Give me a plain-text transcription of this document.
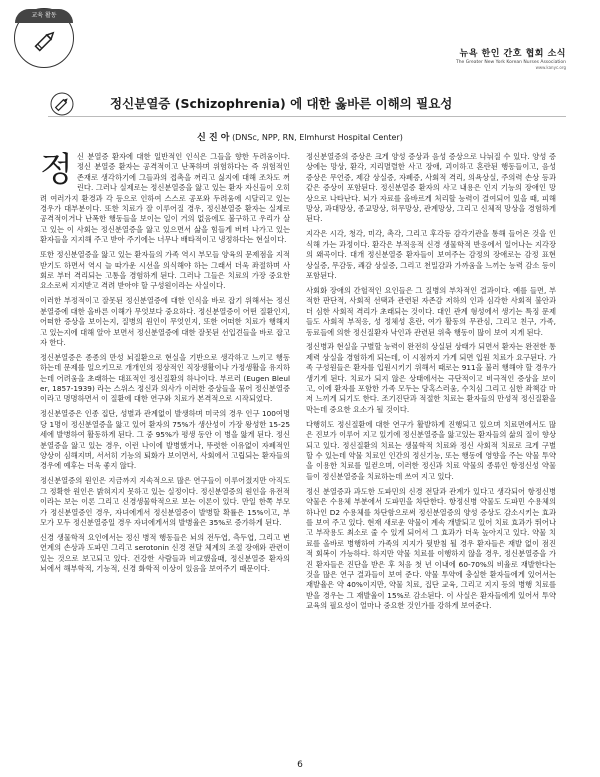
교육 활동
뉴욕 한인 간호 협회 소식
The Greater New York Korean Nurses Association
www.kanyc.org
정신분열증 (Schizophrenia) 에 대한 옳바른 이해의 필요성
신 진 아 (DNSc, NPP, RN, Elmhurst Hospital Center)

정신 분열증 환자에 대한 일반적인 인식은 그들을 향한 두려움이다. 정신 분열증 환자는 공격적이고 난폭하며 위험하다는 즉 위험적인 존재로 생각하기에 그들과의 접촉을 꺼리고 싫지에 대해 조차도 꺼린다. 그러나 실제로는 정신분열증을 앓고 있는 환자 자신들이 오히려 여러가지 환경과 각 등으로 인하여 스스로 공포와 두려움에 시달리고 있는 경우가 대부분이다. 또한 치료가 잘 이루어질 경우, 정신분열증 환자는 실제로 공격적이거나 난폭한 행동들을 보이는 일이 거의 없음에도 불구하고 우리가 살고 있는 이 사회는 정신분열증을 앓고 있으면서 삶을 힘들게 버텨 나가고 있는 환자들을 지지해 주고 받아 주기에는 너무나 배타적이고 냉정하다는 현실이다.

또한 정신분열증을 앓고 있는 환자들의 가족 역시 부모들 양육의 문제점을 지적 받기도 하면서 역시 늘 따가운 시선을 의식해야 하는 그래서 더욱 좌절하며 사회로 부터 격리되는 고통을 경험하게 된다. 그러나 그들은 치료의 가장 중요한 요소로써 지지받고 격려 받아야 할 구성원이라는 사실이다.

이러한 부정적이고 잘못된 정신분열증에 대한 인식을 바로 잡기 위해서는 정신분열증에 대한 올바른 이해가 무엇보다 중요하다. 정신분열증이 어떤 질환인지, 어떠한 증상을 보이는지, 질병의 원인이 무엇인지, 또한 어떠한 치료가 행해지고 있는지에 대해 알아 보면서 정신분열증에 대한 잘못된 선입견들을 바로 잡고자 한다.

정신분열증은 종종의 만성 뇌질환으로 현실을 기반으로 생각하고 느끼고 행동하는데 문제를 일으키므로 개개인의 정상적인 직장생활이나 가정생활을 유지하는데 어려움을 초래하는 대표적인 정신질환의 하나이다. 부르러 (Eugen Bleuler, 1857-1939) 라는 스위스 정신과 의사가 이러한 증상들을 묶어 정신분열증이라고 명명하면서 이 질환에 대한 연구와 치료가 본격적으로 시작되었다.

정신분열증은 인종 집단, 성별과 관계없이 발생하며 미국의 경우 인구 100여명당 1명이 정신분열증을 앓고 있어 환자의 75%가 생산성이 가장 왕성한 15-25세에 발병하여 활동하게 된다. 그 중 95%가 평생 동안 이 병을 앓게 된다. 정신분열증을 앓고 있는 경우, 이런 나이에 발병했거나, 뚜렷한 이유없이 자폐적인 양상이 심해지며, 서서히 기능의 퇴화가 보이면서, 사회에서 고립되는 환자들의 경우에 예후는 더욱 좋지 않다.

정신분열증의 원인은 지금까지 지속적으로 많은 연구들이 이루어졌지만 아직도 그 정확한 원인은 밝혀지지 못하고 있는 실정이다. 정신분열증의 원인을 유전적이라는 보는 이론 그리고 신경생물학적으로 보는 이론이 있다. 만일 한쪽 부모가 정신분열증인 경우, 자녀에게서 정신분열증이 발병할 확률은 15%이고, 부모가 모두 정신분열증일 경우 자녀에게서의 발병율은 35%로 증가하게 된다.

신경 생물학적 요인에서는 정신 병적 행동들은 뇌의 전두엽, 측두엽, 그리고 변연계의 손상과 도파민 그리고 serotonin 신경 전달 체계의 조절 장애와 관련이 있는 것으로 보고되고 있다. 건강한 사람들과 비교했을때, 정신분열증 환자의 뇌에서 해부학적, 기능적, 신경 화학적 이상이 있음을 보여주기 때문이다.

정신분열증의 증상은 크게 양성 증상과 음성 증상으로 나눠질 수 있다. 양성 증상에는 망상, 환각, 지리멸렬한 사고 장애, 괴이하고 혼란된 행동들이고, 음성 증상은 무언증, 제감 상실증, 자폐증, 사회적 격리, 의욕상실, 주의력 손상 등과 같은 증상이 포함된다. 정신분열증 환자의 사고 내용은 인지 기능의 장애인 망상으로 나타난다. 뇌가 자료를 올바르게 처리할 능력이 결여되어 있을 때, 피해망상, 과대망상, 종교망상, 허무망상, 관계망상, 그리고 신체적 망상을 경험하게 된다.

지각은 시각, 청각, 미각, 촉각, 그리고 후각등 감각기관을 통해 들어온 것을 인식해 가는 과정이다. 환각은 부적응적 신경 생물학적 반응에서 일어나는 지각장의 왜곡이다. 대개 정신분열증 환자들이 보여주는 감정의 장애로는 감정 표현 상실증, 무감동, 쾌감 상실증, 그리고 천밀감과 가까움을 느끼는 능력 감소 등이 포함된다.

사회화 장애의 간헐적인 요인들은 그 질병의 부차적인 결과이다. 예를 들면, 부적한 판단적, 사회적 선택과 관련된 자존감 저하의 인과 심각한 사회적 불안과 더 심한 사회적 격리가 초래되는 것이다. 대인 관계 형성에서 생기는 특징 문제들도 사회적 부적응, 성 정체성 혼란, 여가 활동의 무관심, 그리고 친구, 가족, 동료들에 의한 정신질환자 낙인과 관련된 위축 행동이 많이 보여 지게 된다.

정신병과 현실을 구별할 능력이 완전히 상실된 상태가 되면서 환자는 완전한 통제력 상실을 경험하게 되는데, 이 시점까지 가게 되면 입원 치료가 요구된다. 가족 구성원들은 환자를 입원시키기 위해서 때로는 911을 불러 행해야 할 경우가 생기게 된다. 치료가 되지 않은 상태에서는 극단적이고 비극적인 증상을 보이고, 이에 환자를 포함한 가족 모두는 당혹스러움, 수치심 그리고 심한 좌책감 마저 느끼게 되기도 한다. 조기진단과 적절한 치료는 환자들의 만성적 정신질환을 막는데 중요한 요소가 될 것이다.

다행히도 정신질환에 대한 연구가 활발하게 진행되고 있으며 치료면에서도 많은 진보가 이루어 지고 있기에 정신분열증을 앓고있는 환자들의 삶의 질이 향상되고 있다. 정신질환의 치료는 생물학적 치료와 정신 사회적 치료로 크게 구별할 수 있는데 약물 치료인 인간의 정신기능, 또는 행동에 영향을 주는 약물 투약을 이용한 치료를 일컫으며, 이러한 정신과 치료 약물의 종류인 항정신성 약물들이 정신분열증을 치료하는데 쓰여 지고 있다.

정신 분열증과 과도한 도파민의 신경 전달과 관계가 있다고 생각되어 항정신병 약물은 수용체 부분에서 도파민을 차단한다. 항정신병 약물도 도파민 수용체의 하나인 D2 수용체를 차단함으로써 정신분열증의 양성 증상도 감소시키는 효과를 보여 주고 있다. 현재 새로운 약물이 계속 개발되고 있어 치료 효과가 뛰어나고 부작용도 최소로 줄 수 있게 되어서 그 효과가 더욱 높아지고 있다. 약물 치료를 올바로 병행하여 가족의 지지가 뒷받침 될 경우 환자들은 재발 없이 점진적 회복이 가능하다. 하지만 약물 치료를 이행하지 않을 경우, 정신분열증을 가진 환자들은 진단을 받은 후 처음 첫 년 이내에 60-70%의 비율로 재발한다는 것을 많은 연구 결과들이 보여 준다. 약물 투약에 충실한 환자들에게 있어서는 재발율은 약 40%이지만, 약물 치료, 집단 교육, 그리고 지지 등의 병행 치료를 받을 경우는 그 재발율이 15%로 감소된다. 이 사실은 환자들에게 있어서 투약 교육의 필요성이 얼마나 중요한 것인가를 강하게 보여준다.

6
